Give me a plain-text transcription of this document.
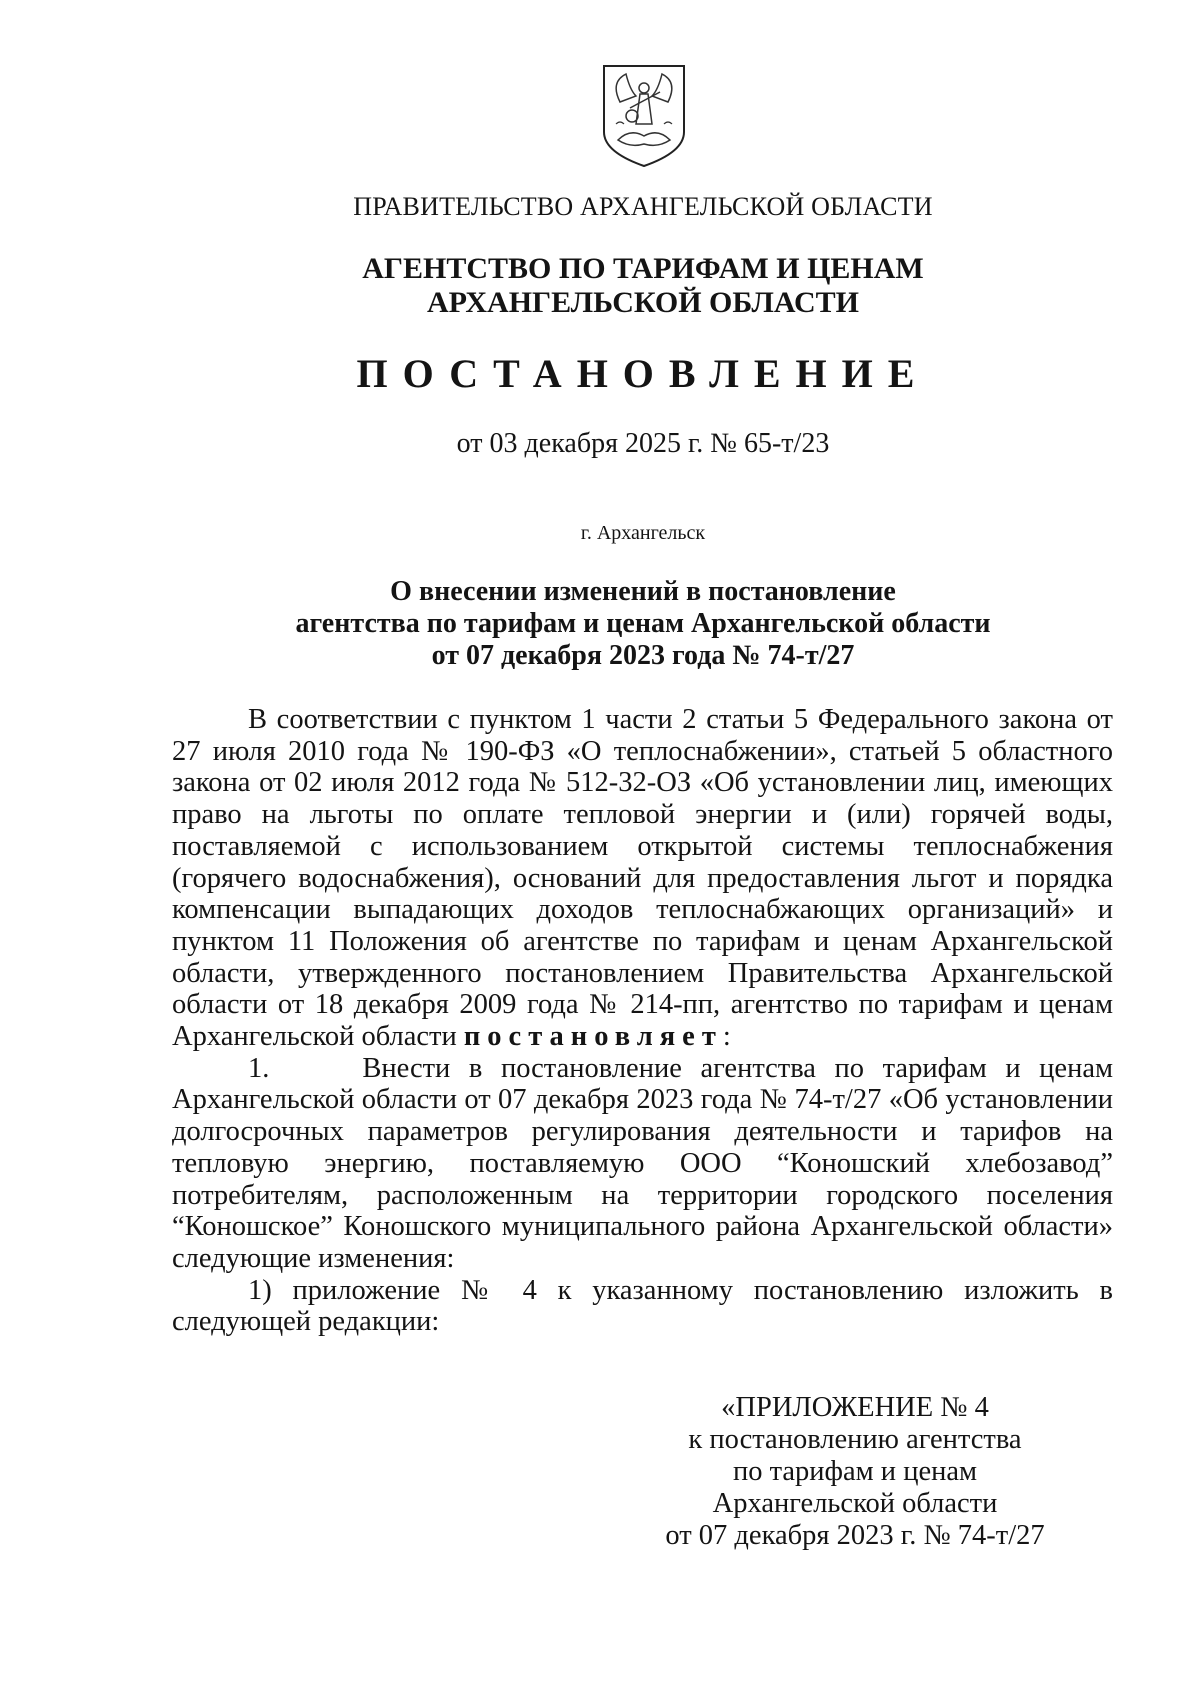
ПРАВИТЕЛЬСТВО АРХАНГЕЛЬСКОЙ ОБЛАСТИ
АГЕНТСТВО ПО ТАРИФАМ И ЦЕНАМ
АРХАНГЕЛЬСКОЙ ОБЛАСТИ
ПОСТАНОВЛЕНИЕ
от 03 декабря 2025 г. № 65-т/23
г. Архангельск
О внесении изменений в постановление
агентства по тарифам и ценам Архангельской области
от 07 декабря 2023 года № 74-т/27

В соответствии с пунктом 1 части 2 статьи 5 Федерального закона от 27 июля 2010 года № 190-ФЗ «О теплоснабжении», статьей 5 областного закона от 02 июля 2012 года № 512-32-ОЗ «Об установлении лиц, имеющих право на льготы по оплате тепловой энергии и (или) горячей воды, поставляемой с использованием открытой системы теплоснабжения (горячего водоснабжения), оснований для предоставления льгот и порядка компенсации выпадающих доходов теплоснабжающих организаций» и пунктом 11 Положения об агентстве по тарифам и ценам Архангельской области, утвержденного постановлением Правительства Архангельской области от 18 декабря 2009 года № 214-пп, агентство по тарифам и ценам Архангельской области постановляет:

1.	Внести в постановление агентства по тарифам и ценам Архангельской области от 07 декабря 2023 года № 74-т/27 «Об установлении долгосрочных параметров регулирования деятельности и тарифов на тепловую энергию, поставляемую ООО “Коношский хлебозавод” потребителям, расположенным на территории городского поселения “Коношское” Коношского муниципального района Архангельской области» следующие изменения:

1) приложение № 4 к указанному постановлению изложить в следующей редакции:

«ПРИЛОЖЕНИЕ № 4
к постановлению агентства
по тарифам и ценам
Архангельской области
от 07 декабря 2023 г. № 74-т/27
